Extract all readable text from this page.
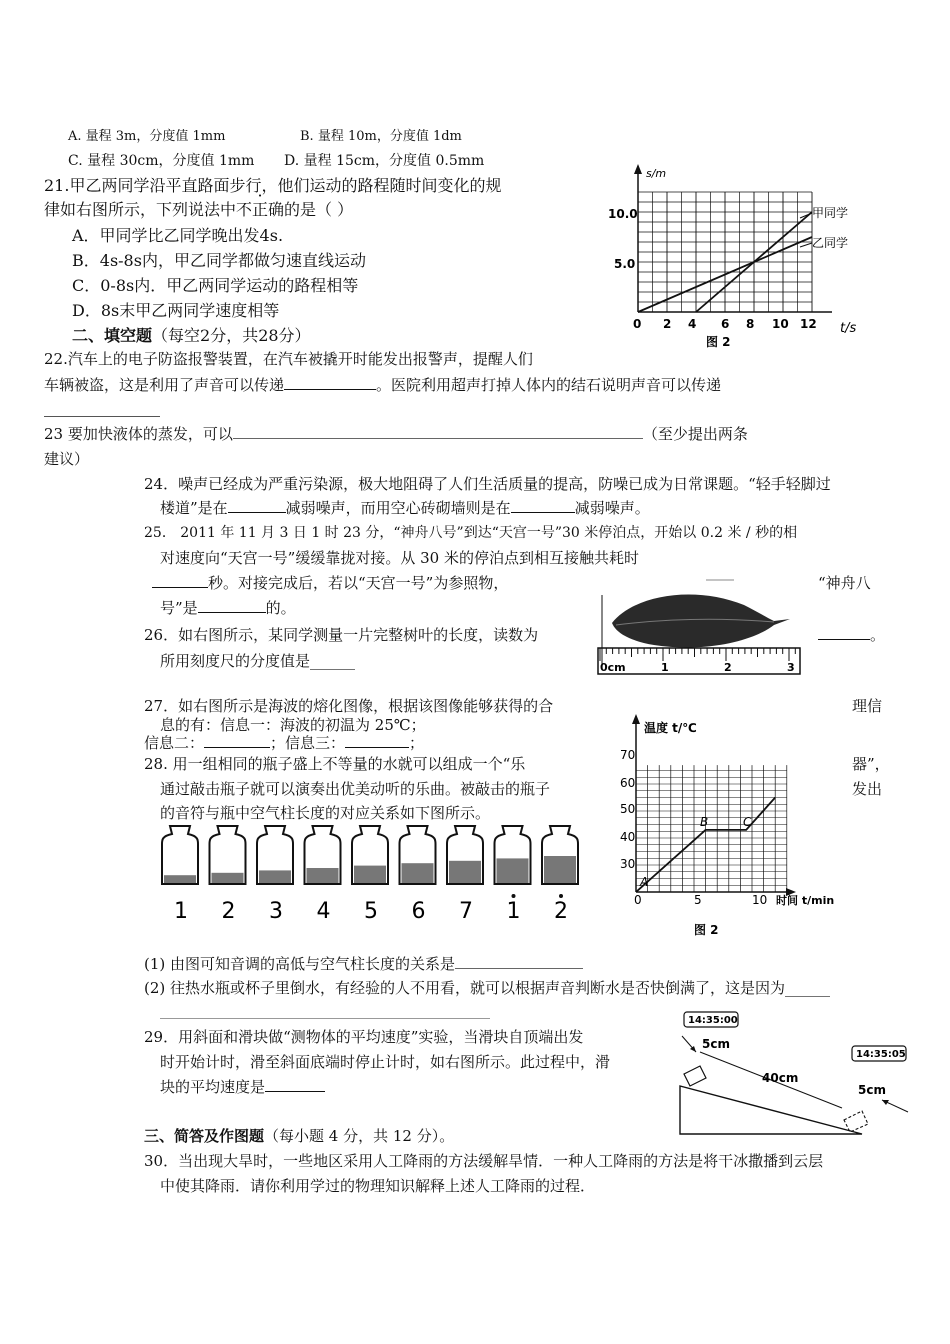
A. 量程 3m，分度值 1mm	B. 量程 10m，分度值 1dm
C. 量程 30cm，分度值 1mm D. 量程 15cm，分度值 0.5mm
21.甲乙两同学沿平直路面步行，他们运动的路程随时间变化的规
律如右图所示，下列说法中不正确的是（ ）
A．甲同学比乙同学晚出发4s.
B．4s-8s内，甲乙同学都做匀速直线运动
C．0-8s内．甲乙两同学运动的路程相等
D．8s末甲乙两同学速度相等
s/m
t/s
10.0
5.0
0 2 4 6 8 10 12
甲同学
乙同学
图 2
二、填空题（每空2分，共28分）
22.汽车上的电子防盗报警装置，在汽车被撬开时能发出报警声，提醒人们
车辆被盗，这是利用了声音可以传递	。医院利用超声打掉人体内的结石说明声音可以传递
23 要加快液体的蒸发，可以	（至少提出两条
建议）
24．噪声已经成为严重污染源，极大地阻碍了人们生活质量的提高，防噪已成为日常课题。“轻手轻脚过
楼道”是在	减弱噪声，而用空心砖砌墙则是在	减弱噪声。
25． 2011 年 11 月 3 日 1 时 23 分，“神舟八号”到达“天宫一号”30 米停泊点，开始以 0.2 米 / 秒的相
对速度向“天宫一号”缓缓靠拢对接。从 30 米的停泊点到相互接触共耗时
秒。对接完成后，若以“天宫一号”为参照物，	“神舟八
号”是	的。
0cm	1	2	3
26．如右图所示，某同学测量一片完整树叶的长度，读数为	。
所用刻度尺的分度值是______
27．如右图所示是海波的熔化图像，根据该图像能够获得的合	理信
息的有：信息一：海波的初温为 25℃；
信息二：	；信息三：	；
温度 t/℃
时间 t/min
70
60
50
40
30
0	5	10
A
B	C
图 2
28. 用一组相同的瓶子盛上不等量的水就可以组成一个“乐	器”，
通过敲击瓶子就可以演奏出优美动听的乐曲。被敲击的瓶子	发出
的音符与瓶中空气柱长度的对应关系如下图所示。
1 2 3 4 5 6 7 1 2
(1) 由图可知音调的高低与空气柱长度的关系是
(2) 往热水瓶或杯子里倒水，有经验的人不用看，就可以根据声音判断水是否快倒满了，这是因为______
29．用斜面和滑块做“测物体的平均速度”实验，当滑块自顶端出发
时开始计时，滑至斜面底端时停止计时，如右图所示。此过程中，滑
块的平均速度是
14:35:00
14:35:05
5cm
40cm
5cm
三、简答及作图题（每小题 4 分，共 12 分）。
30．当出现大旱时，一些地区采用人工降雨的方法缓解旱情．一种人工降雨的方法是将干冰撒播到云层
中使其降雨．请你利用学过的物理知识解释上述人工降雨的过程．
